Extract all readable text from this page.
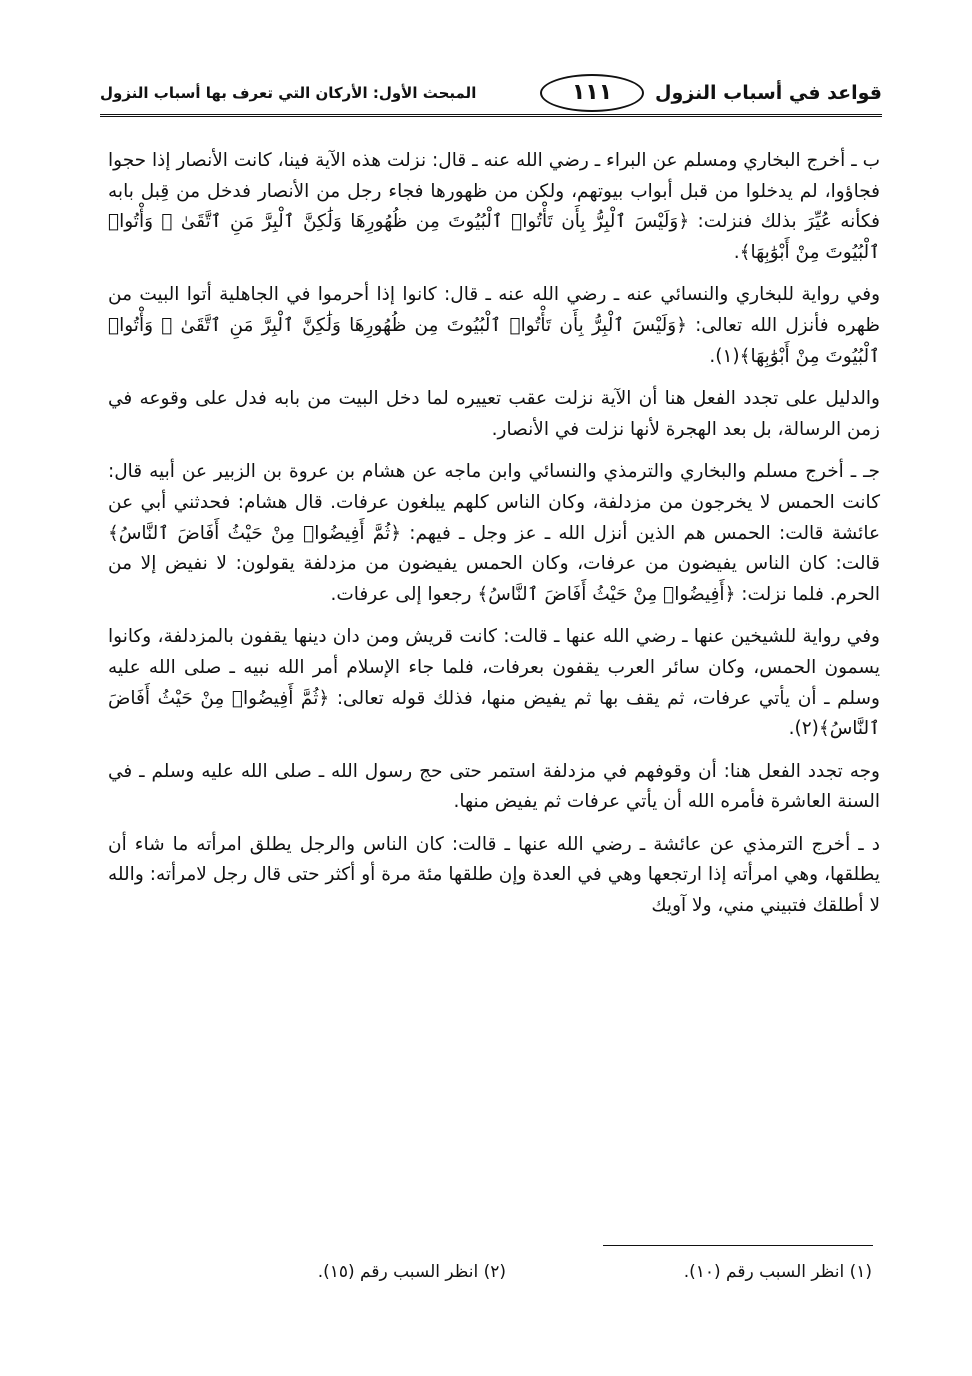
قواعد في أسباب النزول
١١١
المبحث الأول: الأركان التي تعرف بها أسباب النزول

ب ـ أخرج البخاري ومسلم عن البراء ـ رضي الله عنه ـ قال: نزلت هذه الآية فينا، كانت الأنصار إذا حجوا فجاؤوا، لم يدخلوا من قبل أبواب بيوتهم، ولكن من ظهورها فجاء رجل من الأنصار فدخل من قِبل بابه فكأنه عُيِّرَ بذلك فنزلت: ﴿وَلَيْسَ ٱلْبِرُّ بِأَن تَأْتُوا۟ ٱلْبُيُوتَ مِن ظُهُورِهَا وَلَٰكِنَّ ٱلْبِرَّ مَنِ ٱتَّقَىٰ ۗ وَأْتُوا۟ ٱلْبُيُوتَ مِنْ أَبْوَٰبِهَا﴾.

وفي رواية للبخاري والنسائي عنه ـ رضي الله عنه ـ قال: كانوا إذا أحرموا في الجاهلية أتوا البيت من ظهره فأنزل الله تعالى: ﴿وَلَيْسَ ٱلْبِرُّ بِأَن تَأْتُوا۟ ٱلْبُيُوتَ مِن ظُهُورِهَا وَلَٰكِنَّ ٱلْبِرَّ مَنِ ٱتَّقَىٰ ۗ وَأْتُوا۟ ٱلْبُيُوتَ مِنْ أَبْوَٰبِهَا﴾(١).

والدليل على تجدد الفعل هنا أن الآية نزلت عقب تعييره لما دخل البيت من بابه فدل على وقوعه في زمن الرسالة، بل بعد الهجرة لأنها نزلت في الأنصار.

جـ ـ أخرج مسلم والبخاري والترمذي والنسائي وابن ماجه عن هشام بن عروة بن الزبير عن أبيه قال: كانت الحمس لا يخرجون من مزدلفة، وكان الناس كلهم يبلغون عرفات. قال هشام: فحدثني أبي عن عائشة قالت: الحمس هم الذين أنزل الله ـ عز وجل ـ فيهم: ﴿ثُمَّ أَفِيضُوا۟ مِنْ حَيْثُ أَفَاضَ ٱلنَّاسُ﴾ قالت: كان الناس يفيضون من عرفات، وكان الحمس يفيضون من مزدلفة يقولون: لا نفيض إلا من الحرم. فلما نزلت: ﴿أَفِيضُوا۟ مِنْ حَيْثُ أَفَاضَ ٱلنَّاسُ﴾ رجعوا إلى عرفات.

وفي رواية للشيخين عنها ـ رضي الله عنها ـ قالت: كانت قريش ومن دان دينها يقفون بالمزدلفة، وكانوا يسمون الحمس، وكان سائر العرب يقفون بعرفات، فلما جاء الإسلام أمر الله نبيه ـ صلى الله عليه وسلم ـ أن يأتي عرفات، ثم يقف بها ثم يفيض منها، فذلك قوله تعالى: ﴿ثُمَّ أَفِيضُوا۟ مِنْ حَيْثُ أَفَاضَ ٱلنَّاسُ﴾(٢).

وجه تجدد الفعل هنا: أن وقوفهم في مزدلفة استمر حتى حج رسول الله ـ صلى الله عليه وسلم ـ في السنة العاشرة فأمره الله أن يأتي عرفات ثم يفيض منها.

د ـ أخرج الترمذي عن عائشة ـ رضي الله عنها ـ قالت: كان الناس والرجل يطلق امرأته ما شاء أن يطلقها، وهي امرأته إذا ارتجعها وهي في العدة وإن طلقها مئة مرة أو أكثر حتى قال رجل لامرأته: والله لا أطلقك فتبيني مني، ولا آويك

(١) انظر السبب رقم (١٠).
(٢) انظر السبب رقم (١٥).
